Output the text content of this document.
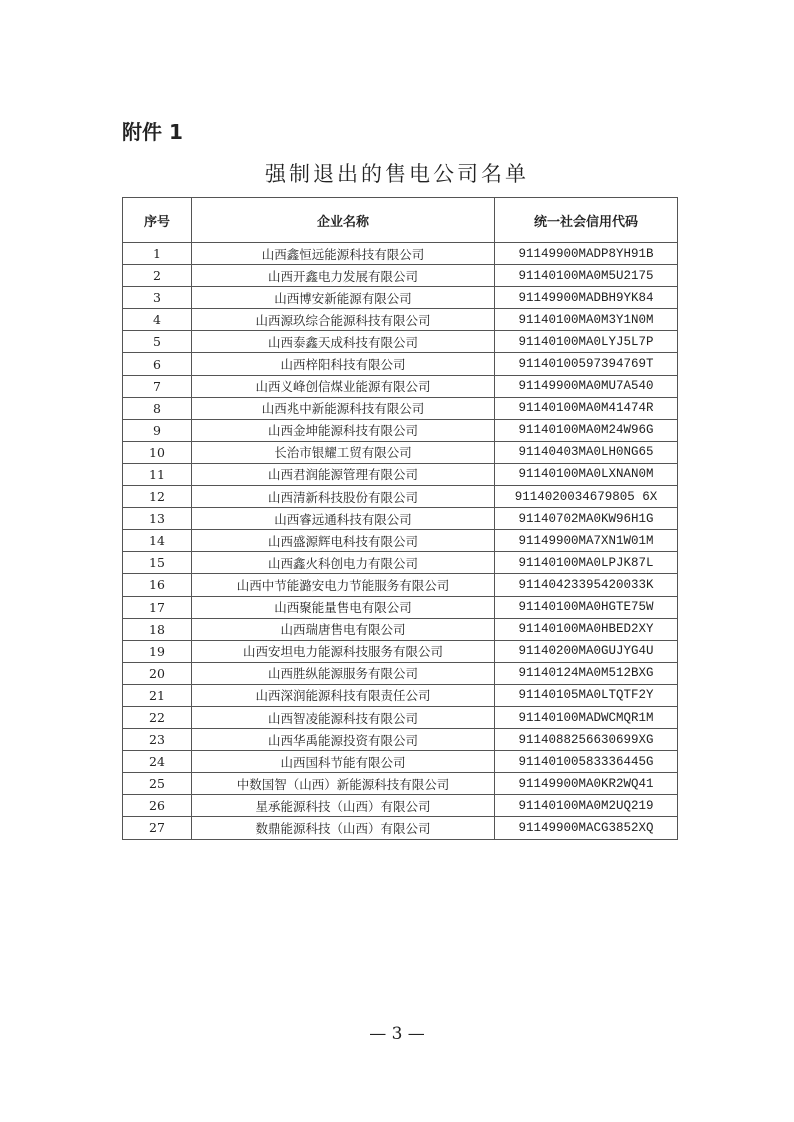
附件 1
强制退出的售电公司名单
序号	企业名称	统一社会信用代码
1	山西鑫恒远能源科技有限公司	91149900MADP8YH91B
2	山西开鑫电力发展有限公司	91140100MA0M5U2175
3	山西博安新能源有限公司	91149900MADBH9YK84
4	山西源玖综合能源科技有限公司	91140100MA0M3Y1N0M
5	山西泰鑫天成科技有限公司	91140100MA0LYJ5L7P
6	山西梓阳科技有限公司	91140100597394769T
7	山西义峰创信煤业能源有限公司	91149900MA0MU7A540
8	山西兆中新能源科技有限公司	91140100MA0M41474R
9	山西金坤能源科技有限公司	91140100MA0M24W96G
10	长治市银耀工贸有限公司	91140403MA0LH0NG65
11	山西君润能源管理有限公司	91140100MA0LXNAN0M
12	山西清新科技股份有限公司	9114020034679805 6X
13	山西睿远通科技有限公司	91140702MA0KW96H1G
14	山西盛源辉电科技有限公司	91149900MA7XN1W01M
15	山西鑫火科创电力有限公司	91140100MA0LPJK87L
16	山西中节能潞安电力节能服务有限公司	91140423395420033K
17	山西聚能量售电有限公司	91140100MA0HGTE75W
18	山西瑞唐售电有限公司	91140100MA0HBED2XY
19	山西安坦电力能源科技服务有限公司	91140200MA0GUJYG4U
20	山西胜纵能源服务有限公司	91140124MA0M512BXG
21	山西深润能源科技有限责任公司	91140105MA0LTQTF2Y
22	山西智凌能源科技有限公司	91140100MADWCMQR1M
23	山西华禹能源投资有限公司	9114088256630699XG
24	山西国科节能有限公司	91140100583336445G
25	中数国智（山西）新能源科技有限公司	91149900MA0KR2WQ41
26	星承能源科技（山西）有限公司	91140100MA0M2UQ219
27	数鼎能源科技（山西）有限公司	91149900MACG3852XQ
— 3 —
